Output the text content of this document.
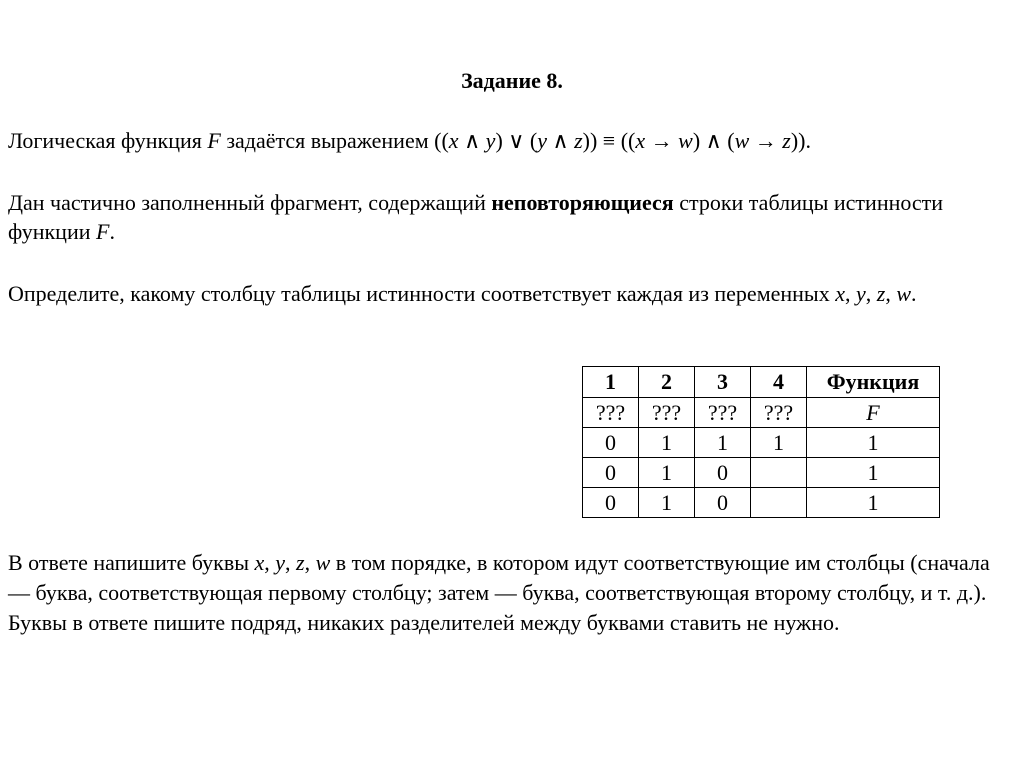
Задание 8.
Логическая функция F задаётся выражением ((x ∧ y) ∨ (y ∧ z)) ≡ ((x → w) ∧ (w → z)).
Дан частично заполненный фрагмент, содержащий неповторяющиеся строки таблицы истинности функции F.
Определите, какому столбцу таблицы истинности соответствует каждая из переменных x, y, z, w.
1	2	3	4	Функция
???	???	???	???	F
0	1	1	1	1
0	1	0		1
0	1	0		1
В ответе напишите буквы x, y, z, w в том порядке, в котором идут соответствующие им столбцы (сначала — буква, соответствующая первому столбцу; затем — буква, соответствующая второму столбцу, и т. д.). Буквы в ответе пишите подряд, никаких разделителей между буквами ставить не нужно.
